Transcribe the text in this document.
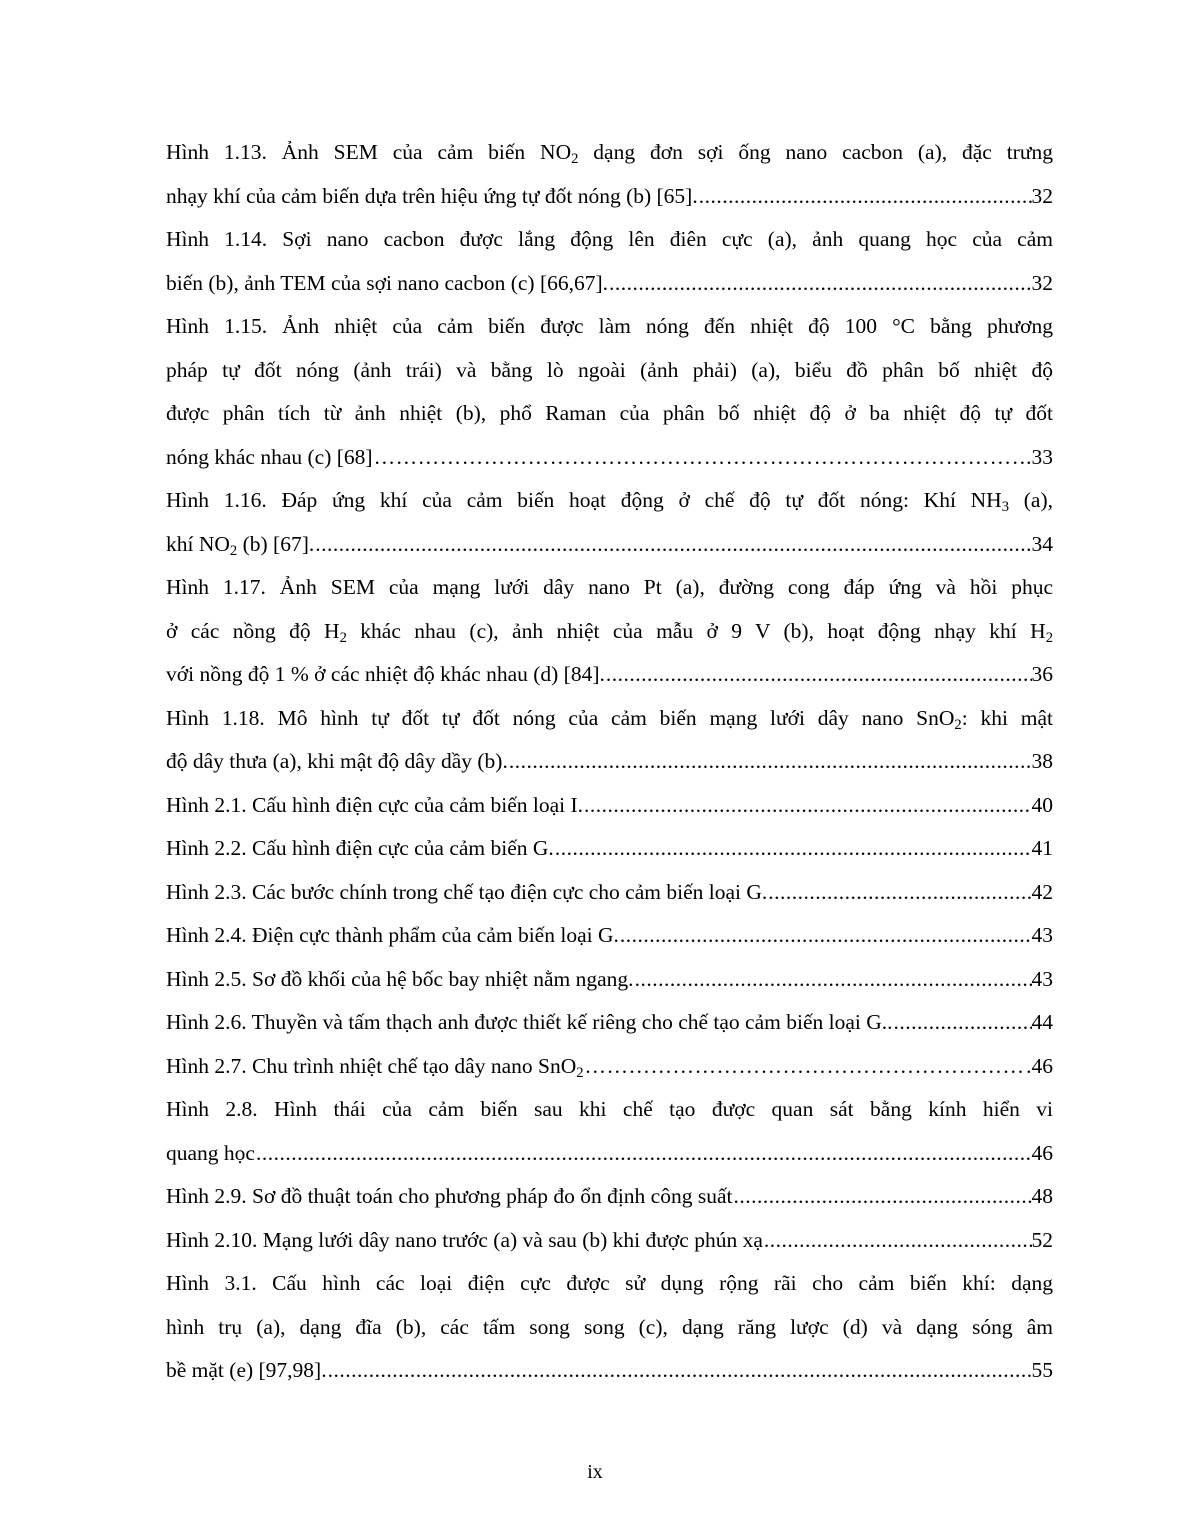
Hình 1.13. Ảnh SEM của cảm biến $NO_2$ dạng đơn sợi ống nano cacbon (a), đặc trưng
nhạy khí của cảm biến dựa trên hiệu ứng tự đốt nóng (b) [65]. .....	32
Hình 1.14. Sợi nano cacbon được lắng động lên điên cực (a), ảnh quang học của cảm
biến (b), ảnh TEM của sợi nano cacbon (c) [66,67]. .....	32
Hình 1.15. Ảnh nhiệt của cảm biến được làm nóng đến nhiệt độ 100 °C bằng phương
pháp tự đốt nóng (ảnh trái) và bằng lò ngoài (ảnh phải) (a), biểu đồ phân bố nhiệt độ
được phân tích từ ảnh nhiệt (b), phổ Raman của phân bố nhiệt độ ở ba nhiệt độ tự đốt
nóng khác nhau (c) [68] ………………………………………………………………………………………………………………………………………………	.33
Hình 1.16. Đáp ứng khí của cảm biến hoạt động ở chế độ tự đốt nóng: Khí $NH_3$ (a),
khí $NO_2$ (b) [67]. .....	34
Hình 1.17. Ảnh SEM của mạng lưới dây nano Pt (a), đường cong đáp ứng và hồi phục
ở các nồng độ $H_2$ khác nhau (c), ảnh nhiệt của mẫu ở 9 V (b), hoạt động nhạy khí $H_2$
với nồng độ 1 % ở các nhiệt độ khác nhau (d) [84]. .....	36
Hình 1.18. Mô hình tự đốt tự đốt nóng của cảm biến mạng lưới dây nano SnO$_2$: khi mật
độ dây thưa (a), khi mật độ dây dầy (b). .....	38
Hình 2.1. Cấu hình điện cực của cảm biến loại I. .....	40
Hình 2.2. Cấu hình điện cực của cảm biến G. .....	41
Hình 2.3. Các bước chính trong chế tạo điện cực cho cảm biến loại G. .....	42
Hình 2.4. Điện cực thành phẩm của cảm biến loại G. .....	43
Hình 2.5. Sơ đồ khối của hệ bốc bay nhiệt nằm ngang. .....	43
Hình 2.6. Thuyền và tấm thạch anh được thiết kế riêng cho chế tạo cảm biến loại G.. .....	44
Hình 2.7. Chu trình nhiệt chế tạo dây nano SnO$_2$ ………………………………………………………………………………………………………………………………………………	.46
Hình 2.8. Hình thái của cảm biến sau khi chế tạo được quan sát bằng kính hiển vi
quang học .....	46
Hình 2.9. Sơ đồ thuật toán cho phương pháp đo ổn định công suất .....	48
Hình 2.10. Mạng lưới dây nano trước (a) và sau (b) khi được phún xạ .....	52
Hình 3.1. Cấu hình các loại điện cực được sử dụng rộng rãi cho cảm biến khí: dạng
hình trụ (a), dạng đĩa (b), các tấm song song (c), dạng răng lược (d) và dạng sóng âm
bề mặt (e) [97,98]. .....	55
ix
